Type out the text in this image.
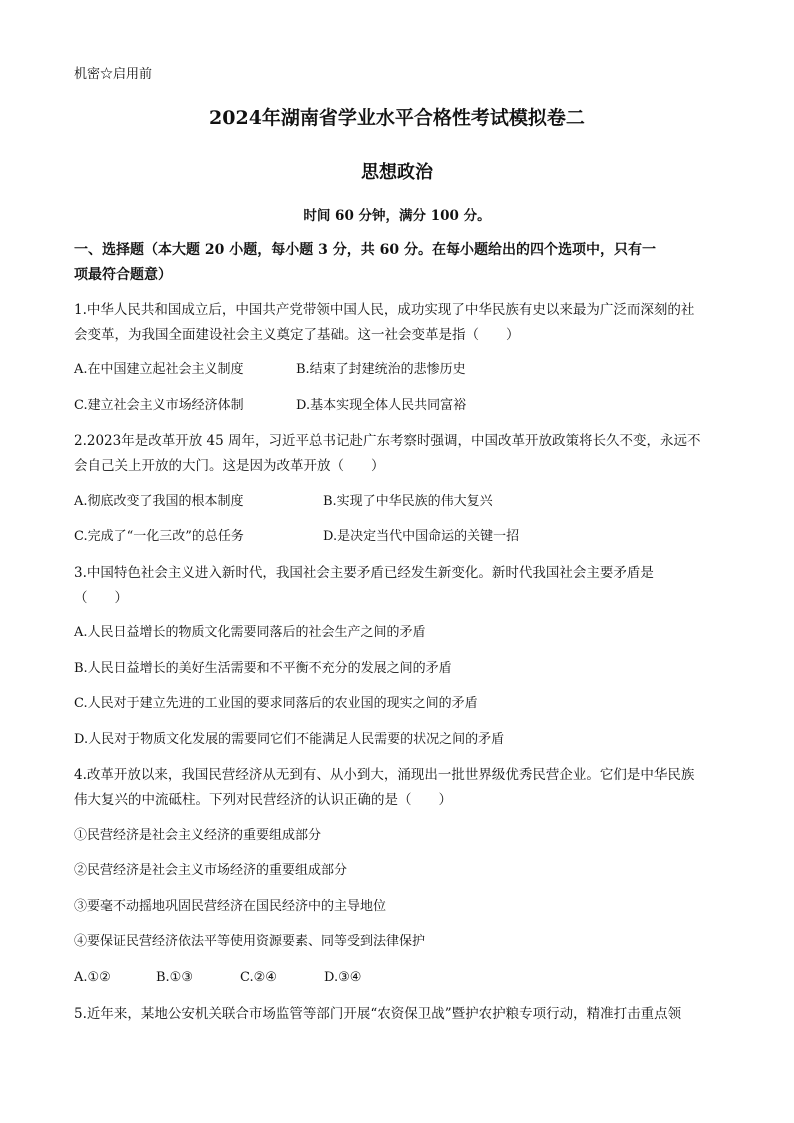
机密☆启用前
2024年湖南省学业水平合格性考试模拟卷二
思想政治
时间 60 分钟，满分 100 分。
一、选择题（本大题 20 小题，每小题 3 分，共 60 分。在每小题给出的四个选项中，只有一
项最符合题意）
1.中华人民共和国成立后，中国共产党带领中国人民，成功实现了中华民族有史以来最为广泛而深刻的社
会变革，为我国全面建设社会主义奠定了基础。这一社会变革是指（　　）
A.在中国建立起社会主义制度	B.结束了封建统治的悲惨历史
C.建立社会主义市场经济体制	D.基本实现全体人民共同富裕
2.2023年是改革开放 45 周年，习近平总书记赴广东考察时强调，中国改革开放政策将长久不变，永远不
会自己关上开放的大门。这是因为改革开放（　　）
A.彻底改变了我国的根本制度	B.实现了中华民族的伟大复兴
C.完成了“一化三改”的总任务	D.是决定当代中国命运的关键一招
3.中国特色社会主义进入新时代，我国社会主要矛盾已经发生新变化。新时代我国社会主要矛盾是
（　　）
A.人民日益增长的物质文化需要同落后的社会生产之间的矛盾
B.人民日益增长的美好生活需要和不平衡不充分的发展之间的矛盾
C.人民对于建立先进的工业国的要求同落后的农业国的现实之间的矛盾
D.人民对于物质文化发展的需要同它们不能满足人民需要的状况之间的矛盾
4.改革开放以来，我国民营经济从无到有、从小到大，涌现出一批世界级优秀民营企业。它们是中华民族
伟大复兴的中流砥柱。下列对民营经济的认识正确的是（　　）
①民营经济是社会主义经济的重要组成部分
②民营经济是社会主义市场经济的重要组成部分
③要毫不动摇地巩固民营经济在国民经济中的主导地位
④要保证民营经济依法平等使用资源要素、同等受到法律保护
A.①②	B.①③	C.②④	D.③④
5.近年来，某地公安机关联合市场监管等部门开展“农资保卫战”暨护农护粮专项行动，精准打击重点领
